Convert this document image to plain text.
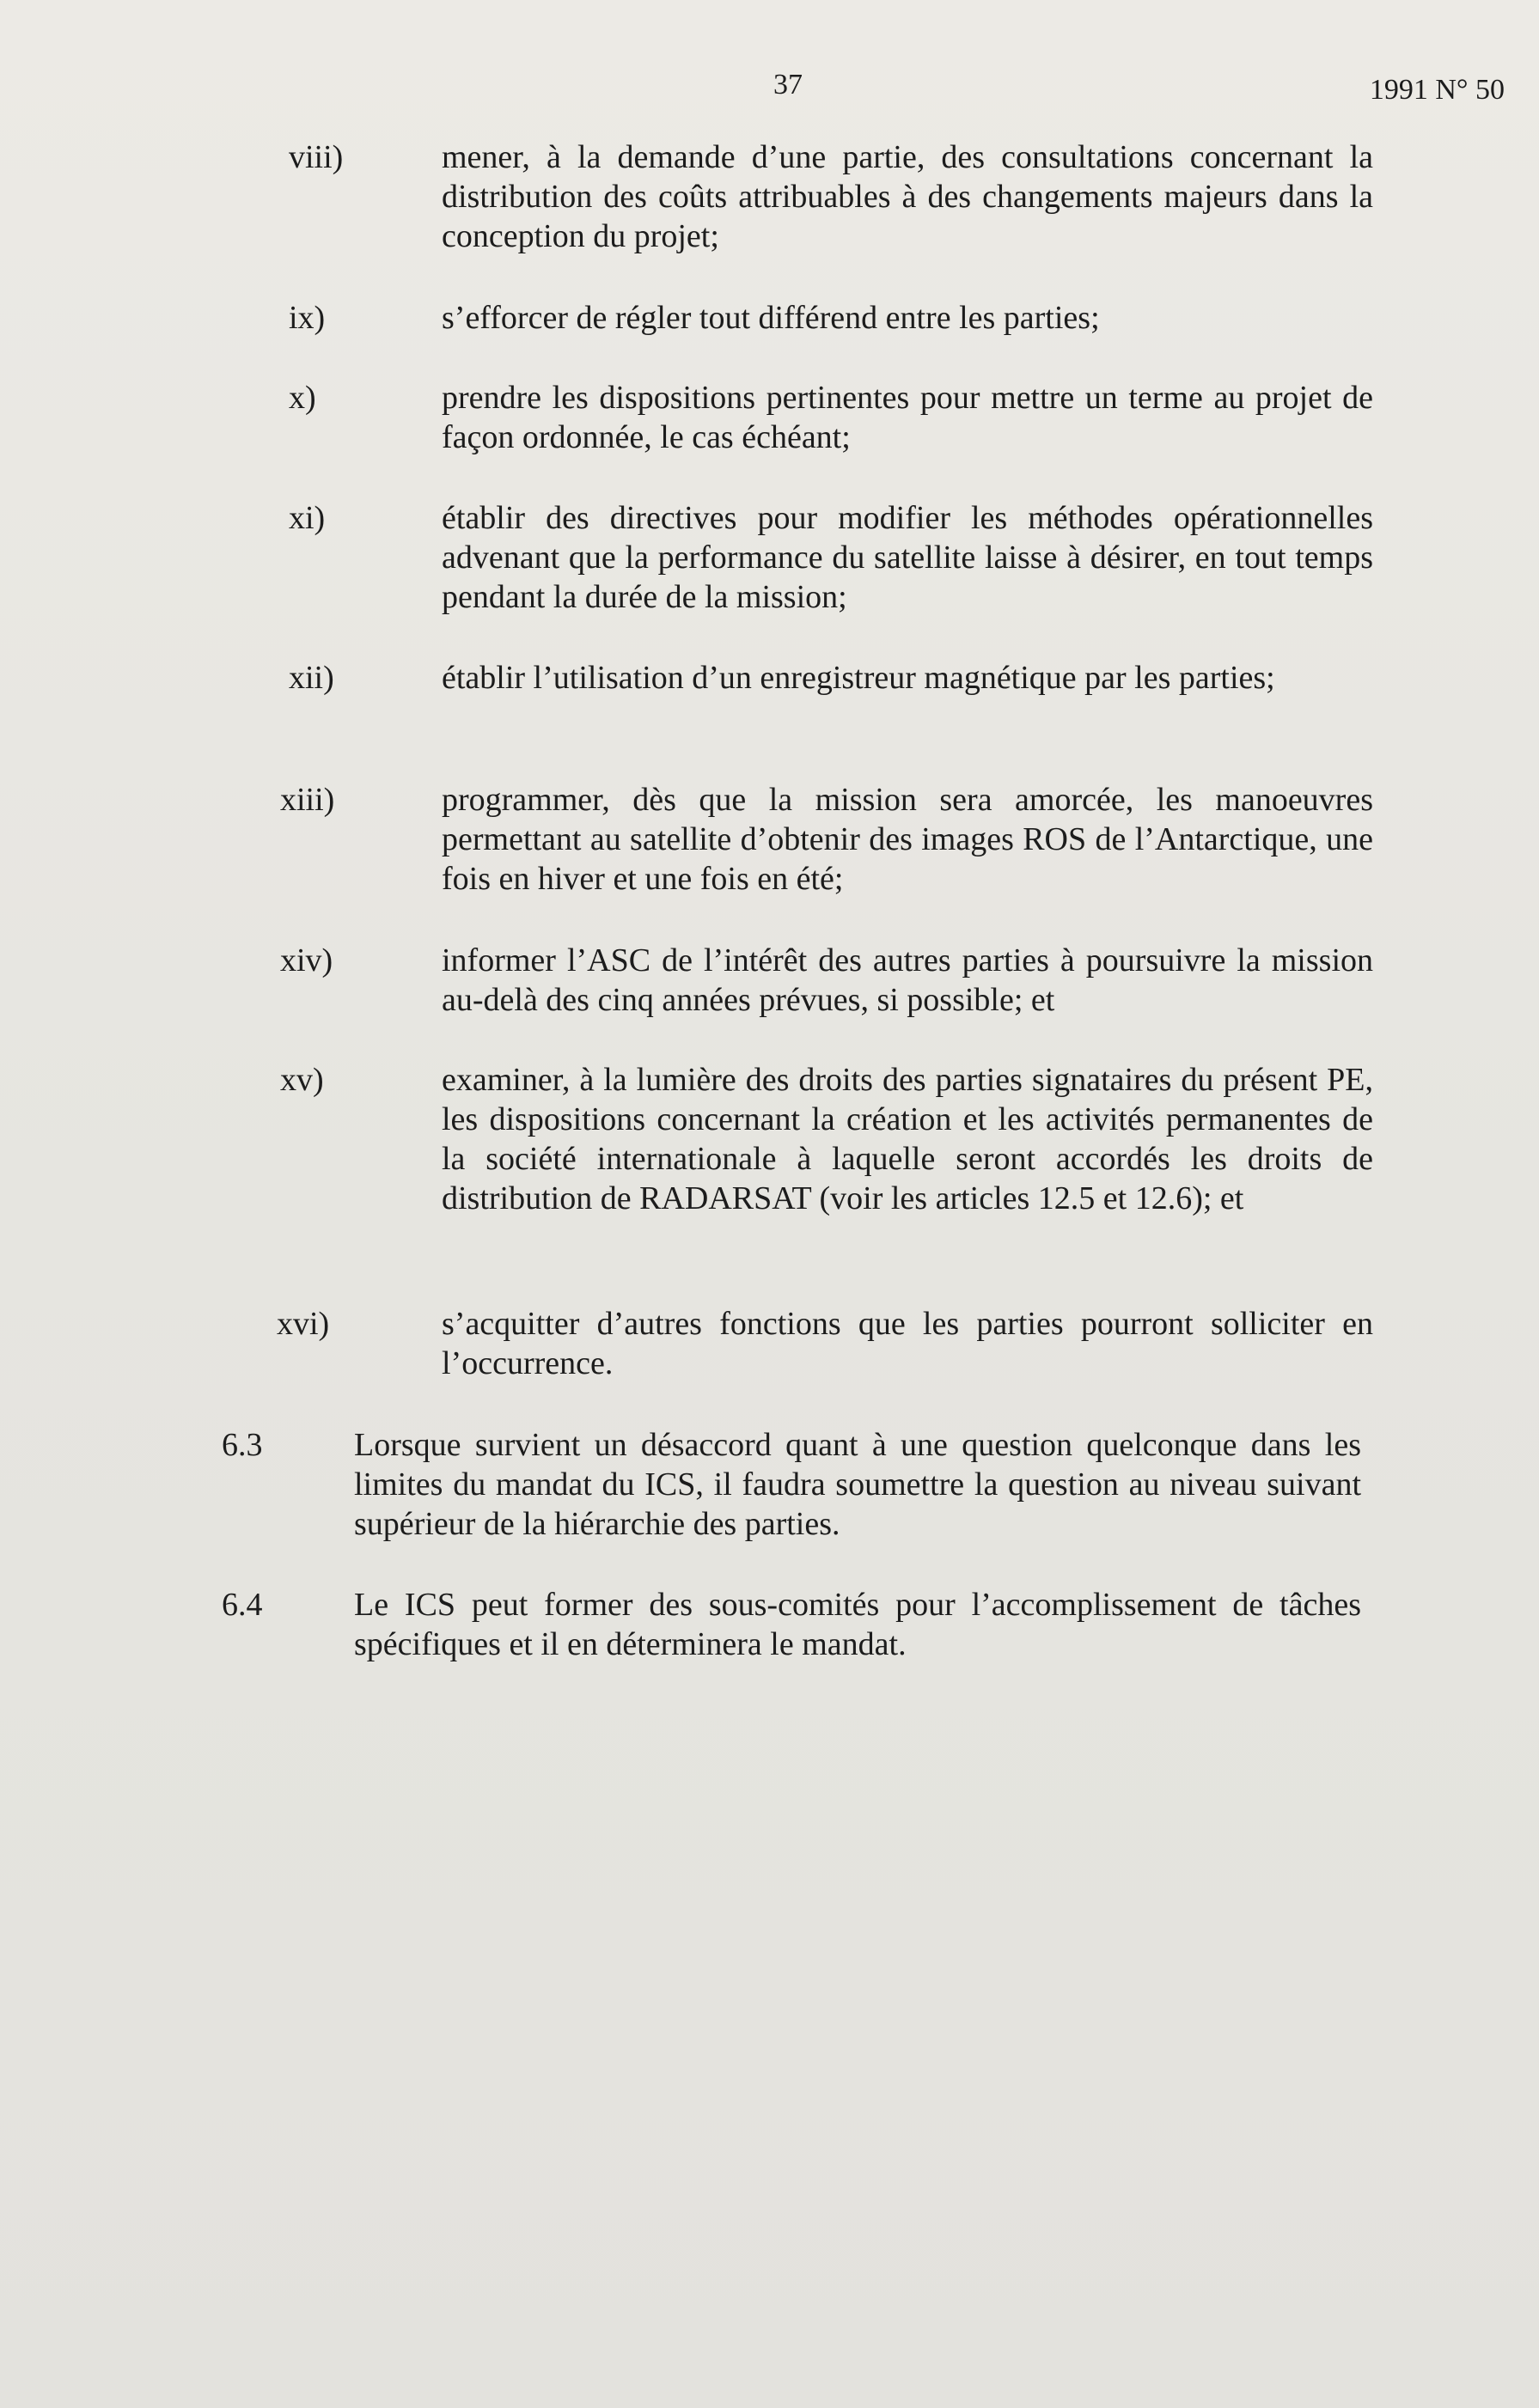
37	1991 N° 50
viii)	mener, à la demande d’une partie, des consultations concernant la distribution des coûts attribuables à des changements majeurs dans la conception du projet;
ix)	s’efforcer de régler tout différend entre les parties;
x)	prendre les dispositions pertinentes pour mettre un terme au projet de façon ordonnée, le cas échéant;
xi)	établir des directives pour modifier les méthodes opérationnelles advenant que la performance du satellite laisse à désirer, en tout temps pendant la durée de la mission;
xii)	établir l’utilisation d’un enregistreur magnétique par les parties;
xiii)	programmer, dès que la mission sera amorcée, les manoeuvres permettant au satellite d’obtenir des images ROS de l’Antarctique, une fois en hiver et une fois en été;
xiv)	informer l’ASC de l’intérêt des autres parties à poursuivre la mission au-delà des cinq années prévues, si possible; et
xv)	examiner, à la lumière des droits des parties signataires du présent PE, les dispositions concernant la création et les activités permanentes de la société internationale à laquelle seront accordés les droits de distribution de RADARSAT (voir les articles 12.5 et 12.6); et
xvi)	s’acquitter d’autres fonctions que les parties pourront solliciter en l’occurrence.
6.3	Lorsque survient un désaccord quant à une question quelconque dans les limites du mandat du ICS, il faudra soumettre la question au niveau suivant supérieur de la hiérarchie des parties.
6.4	Le ICS peut former des sous-comités pour l’accomplissement de tâches spécifiques et il en déterminera le mandat.
